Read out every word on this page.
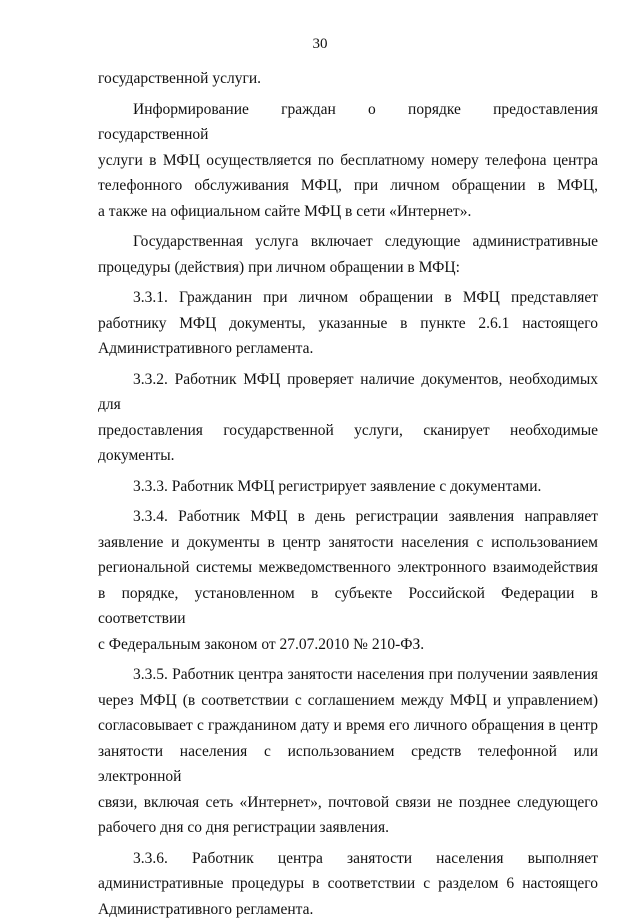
30
государственной услуги.
Информирование граждан о порядке предоставления государственной
услуги в МФЦ осуществляется по бесплатному номеру телефона центра
телефонного обслуживания МФЦ, при личном обращении в МФЦ,
а также на официальном сайте МФЦ в сети «Интернет».
Государственная услуга включает следующие административные
процедуры (действия) при личном обращении в МФЦ:
3.3.1. Гражданин при личном обращении в МФЦ представляет
работнику МФЦ документы, указанные в пункте 2.6.1 настоящего
Административного регламента.
3.3.2. Работник МФЦ проверяет наличие документов, необходимых для
предоставления государственной услуги, сканирует необходимые
документы.
3.3.3. Работник МФЦ регистрирует заявление с документами.
3.3.4. Работник МФЦ в день регистрации заявления направляет
заявление и документы в центр занятости населения с использованием
региональной системы межведомственного электронного взаимодействия
в порядке, установленном в субъекте Российской Федерации в соответствии
с Федеральным законом от 27.07.2010 № 210-ФЗ.
3.3.5. Работник центра занятости населения при получении заявления
через МФЦ (в соответствии с соглашением между МФЦ и управлением)
согласовывает с гражданином дату и время его личного обращения в центр
занятости населения с использованием средств телефонной или электронной
связи, включая сеть «Интернет», почтовой связи не позднее следующего
рабочего дня со дня регистрации заявления.
3.3.6. Работник центра занятости населения выполняет
административные процедуры в соответствии с разделом 6 настоящего
Административного регламента.
